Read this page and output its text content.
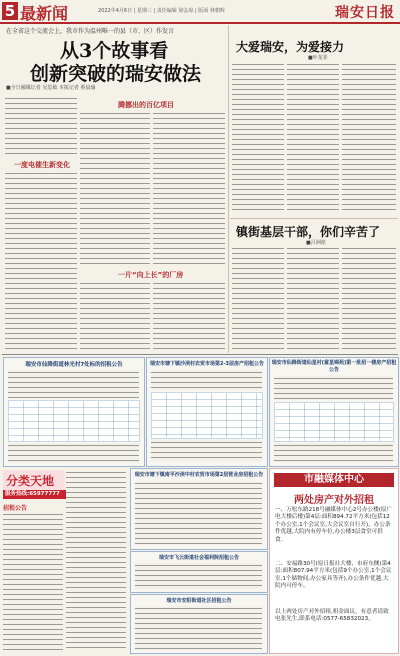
5 最新闻	2022年4月6日 | 星期三 | 责任编辑 梁弘琼 | 版面 林朝辉	瑞安日报
在全省这个交流会上，我市作为温州唯一的县（市、区）作发言
从3个故事看
创新突破的瑞安做法
■全日融媒记者 吴思敏 本报记者 蔡晨瑜
一度电催生新变化
腾挪出的百亿项目
一片“向上长”的厂房
大爱瑞安，为爱接力
■叶龙菲
镇街基层干部，你们辛苦了
■吕洲铭
瑞安市仙降街道林光村7处标的招租公告	瑞安市塘下镇沙渎村农贸市场第2-3层房产招租公告	瑞安市仙降街道仙星村(富星锦苑)第一批招一楼房产招租公告
分类天地
服务热线:65977777
招租公告
瑞安市塘下镇南平沙渎中村农贸市场第2层营业房招租公告
瑞安市飞云街道社会福利院招租公告
瑞安市安阳街道社区招租公告
市融媒体中心
两处房产对外招租
一、万松东路218号融媒体中心2号办公楼(原广电大楼后楼)第4层:面积894.72平方米(包括12个办公室,1个会议室,大会议室自行开)，办公条件优越,大院内有停车位,办公楼3层食堂可供食。
二、安福路30号(原日报社大楼，市府东侧)第4层:面积807.94平方米(包括9个办公室,1个会议室,1个储物间,办公家具等齐),办公条件优越,大院内可停车。
以上两处房产对外招租,租金面议，有意者请致电张先生,联系电话:0577-65832023。
